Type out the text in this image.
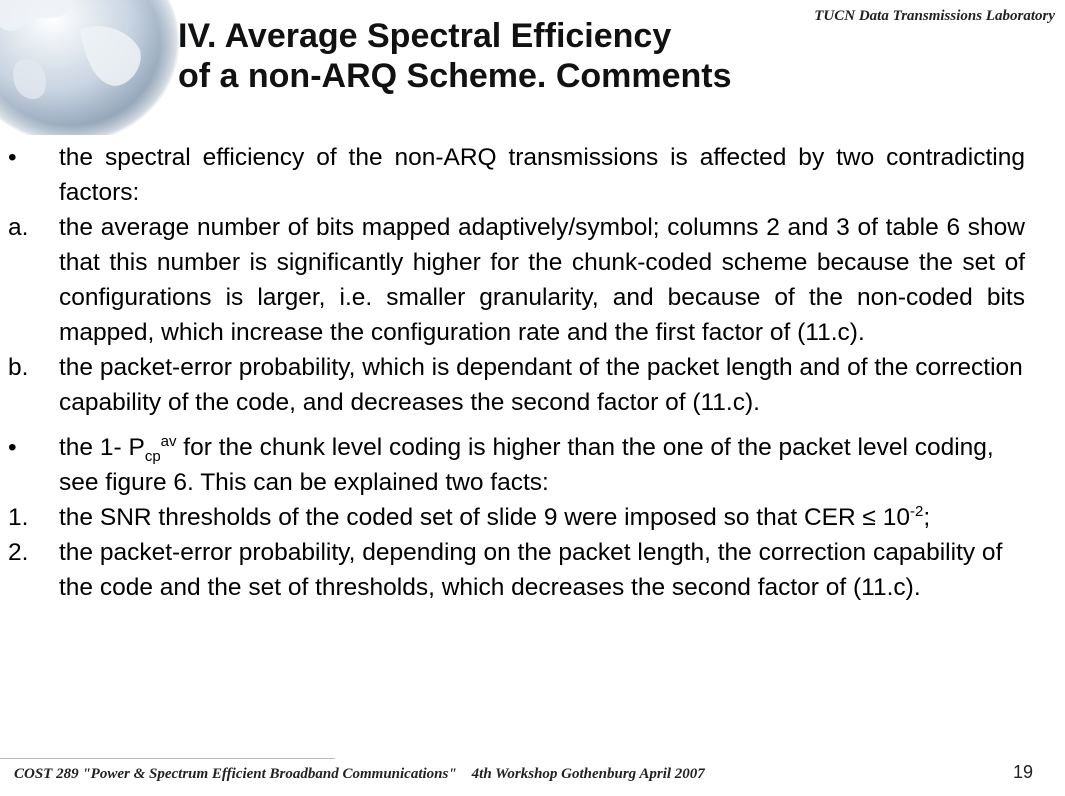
TUCN Data Transmissions Laboratory
IV. Average Spectral Efficiency
of a non-ARQ Scheme. Comments
•	the spectral efficiency of the non-ARQ transmissions is affected by two contradicting factors:
a.	the average number of bits mapped adaptively/symbol; columns 2 and 3 of table 6 show that this number is significantly higher for the chunk-coded scheme because the set of configurations is larger, i.e. smaller granularity, and because of the non-coded bits mapped, which increase the configuration rate and the first factor of (11.c).
b.	the packet-error probability, which is dependant of the packet length and of the correction capability of the code, and decreases the second factor of (11.c).
•	the 1- $P_{cp}^{av}$ for the chunk level coding is higher than the one of the packet level coding, see figure 6. This can be explained two facts:
1.	the SNR thresholds of the coded set of slide 9 were imposed so that CER ≤ $10^{-2}$;
2.	the packet-error probability, depending on the packet length, the correction capability of the code and the set of thresholds, which decreases the second factor of (11.c).
COST 289 "Power & Spectrum Efficient Broadband Communications"    4th Workshop Gothenburg April 2007	19
